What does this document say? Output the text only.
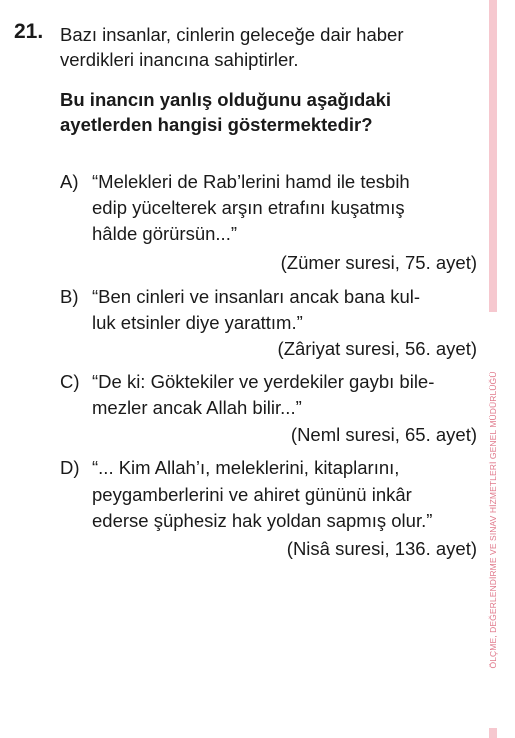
21. Bazı insanlar, cinlerin geleceğe dair haber
verdikleri inancına sahiptirler.
Bu inancın yanlış olduğunu aşağıdaki
ayetlerden hangisi göstermektedir?
A) “Melekleri de Rab’lerini hamd ile tesbih
edip yücelterek arşın etrafını kuşatmış
hâlde görürsün...”
(Zümer suresi, 75. ayet)
B) “Ben cinleri ve insanları ancak bana kul-
luk etsinler diye yarattım.”
(Zâriyat suresi, 56. ayet)
C) “De ki: Göktekiler ve yerdekiler gaybı bile-
mezler ancak Allah bilir...”
(Neml suresi, 65. ayet)
D) “... Kim Allah’ı, meleklerini, kitaplarını,
peygamberlerini ve ahiret gününü inkâr
ederse şüphesiz hak yoldan sapmış olur.”
(Nisâ suresi, 136. ayet) ÖLÇME, DEĞERLENDİRME VE SINAV HİZMETLERİ GENEL MÜDÜRLÜĞÜ
